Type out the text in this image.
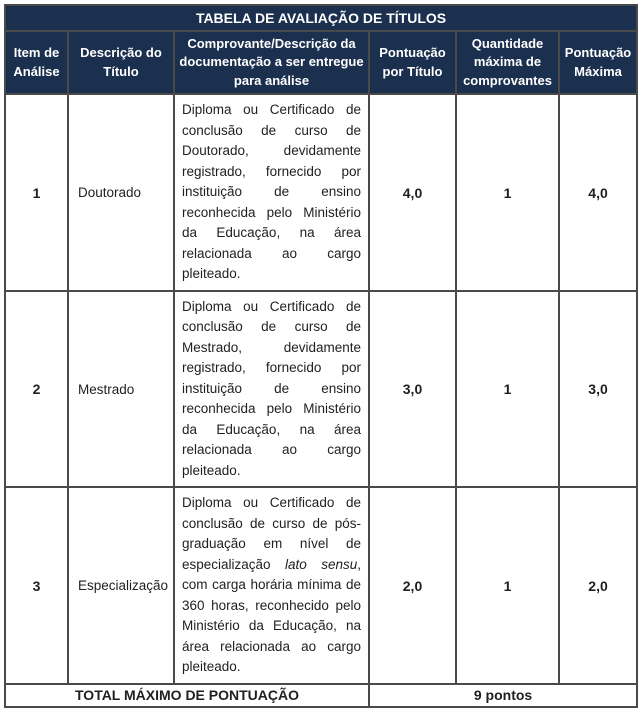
TABELA DE AVALIAÇÃO DE TÍTULOS					
Item de Análise	Descrição do Título	Comprovante/Descrição da documentação a ser entregue para análise	Pontuação por Título	Quantidade máxima de comprovantes	Pontuação Máxima
1	Doutorado	Diploma ou Certificado de conclusão de curso de Doutorado, devidamente registrado, fornecido por instituição de ensino reconhecida pelo Ministério da Educação, na área relacionada ao cargo pleiteado.	4,0	1	4,0
2	Mestrado	Diploma ou Certificado de conclusão de curso de Mestrado, devidamente registrado, fornecido por instituição de ensino reconhecida pelo Ministério da Educação, na área relacionada ao cargo pleiteado.	3,0	1	3,0
3	Especialização	Diploma ou Certificado de conclusão de curso de pós-graduação em nível de especialização lato sensu, com carga horária mínima de 360 horas, reconhecido pelo Ministério da Educação, na área relacionada ao cargo pleiteado.	2,0	1	2,0
TOTAL MÁXIMO DE PONTUAÇÃO			9 pontos		
